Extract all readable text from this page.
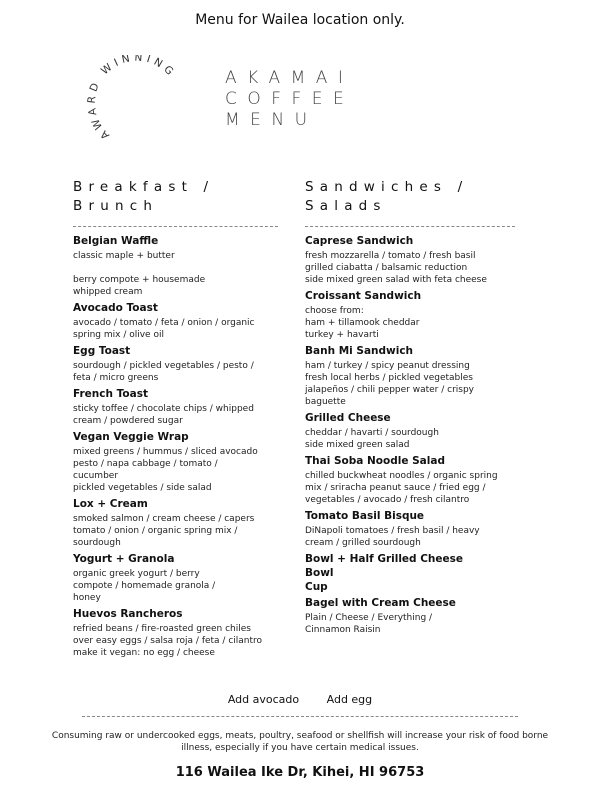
Menu for Wailea location only.
AWARD WINNING	AKAMAI
COFFEE
MENU
Breakfast /
Brunch
Belgian Waffle
classic maple + butter
berry compote + housemade
whipped cream
Avocado Toast
avocado / tomato / feta / onion / organic
spring mix / olive oil
Egg Toast
sourdough / pickled vegetables / pesto /
feta / micro greens
French Toast
sticky toffee / chocolate chips / whipped
cream / powdered sugar
Vegan Veggie Wrap
mixed greens / hummus / sliced avocado
pesto / napa cabbage / tomato /
cucumber
pickled vegetables / side salad
Lox + Cream
smoked salmon / cream cheese / capers
tomato / onion / organic spring mix /
sourdough
Yogurt + Granola
organic greek yogurt / berry
compote / homemade granola /
honey
Huevos Rancheros
refried beans / fire-roasted green chiles
over easy eggs / salsa roja / feta / cilantro
make it vegan: no egg / cheese
Sandwiches /
Salads
Caprese Sandwich
fresh mozzarella / tomato / fresh basil
grilled ciabatta / balsamic reduction
side mixed green salad with feta cheese
Croissant Sandwich
choose from:
ham + tillamook cheddar
turkey + havarti
Banh Mi Sandwich
ham / turkey / spicy peanut dressing
fresh local herbs / pickled vegetables
jalapeños / chili pepper water / crispy
baguette
Grilled Cheese
cheddar / havarti / sourdough
side mixed green salad
Thai Soba Noodle Salad
chilled buckwheat noodles / organic spring
mix / sriracha peanut sauce / fried egg /
vegetables / avocado / fresh cilantro
Tomato Basil Bisque
DiNapoli tomatoes / fresh basil / heavy
cream / grilled sourdough
Bowl + Half Grilled Cheese
Bowl
Cup
Bagel with Cream Cheese
Plain / Cheese / Everything /
Cinnamon Raisin
Add avocado	Add egg
Consuming raw or undercooked eggs, meats, poultry, seafood or shellfish will increase your risk of food borne illness, especially if you have certain medical issues.
116 Wailea Ike Dr, Kihei, HI 96753
